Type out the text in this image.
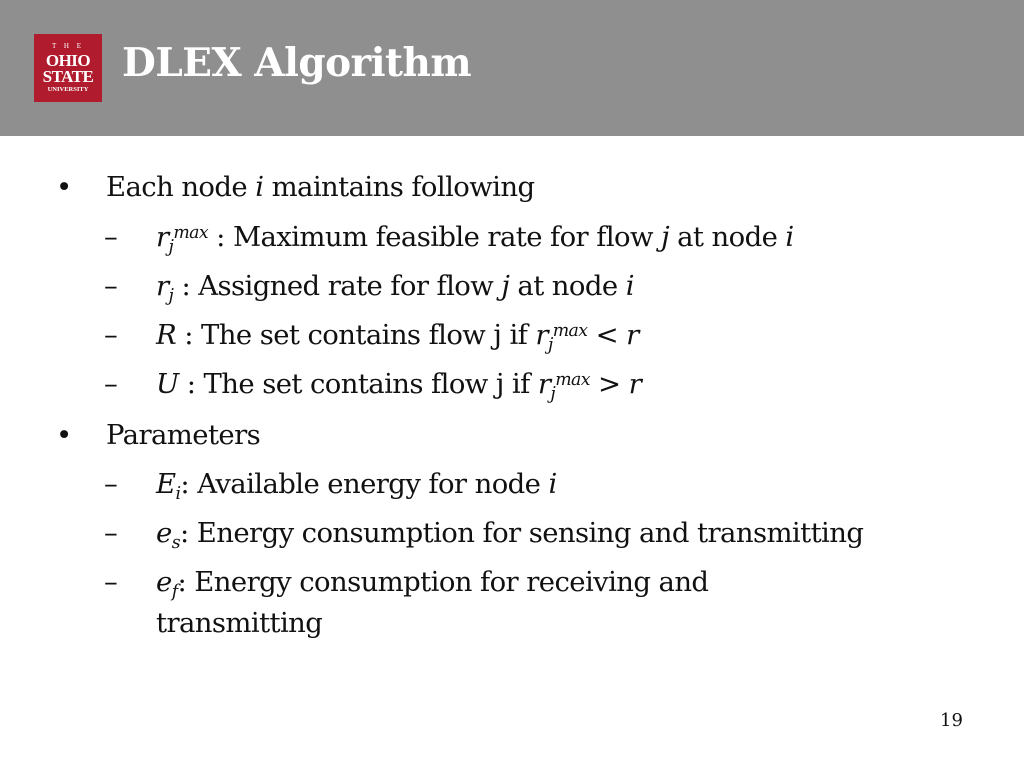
T H E
OHIO
STATE
UNIVERSITY
DLEX Algorithm
• Each node i maintains following
– $r_j^{max}$ : Maximum feasible rate for flow j at node i
– $r_j$ : Assigned rate for flow j at node i
– R : The set contains flow j if $r_j^{max} < r$
– U : The set contains flow j if $r_j^{max} > r$
• Parameters
– $E_i$: Available energy for node i
– $e_s$: Energy consumption for sensing and transmitting
– $e_f$: Energy consumption for receiving and
transmitting
19
